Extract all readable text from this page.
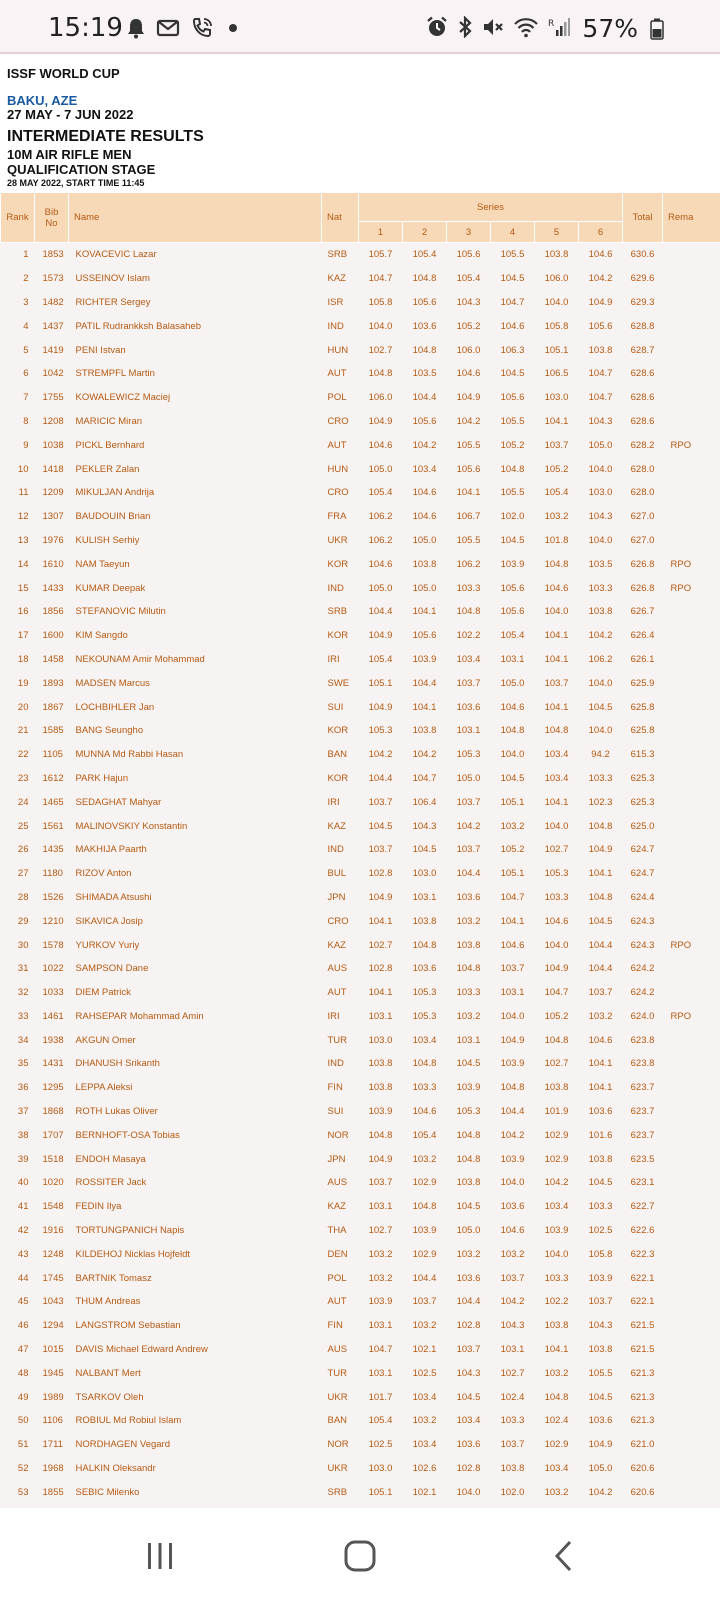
15:19	R 57%
ISSF WORLD CUP
BAKU, AZE
27 MAY - 7 JUN 2022
INTERMEDIATE RESULTS
10M AIR RIFLE MEN
QUALIFICATION STAGE
28 MAY 2022, START TIME 11:45
Rank	Bib No	Name	Nat	Series						Total	Rema
				1	2	3	4	5	6		
1	1853	KOVACEVIC Lazar	SRB	105.7	105.4	105.6	105.5	103.8	104.6	630.6	
2	1573	USSEINOV Islam	KAZ	104.7	104.8	105.4	104.5	106.0	104.2	629.6	
3	1482	RICHTER Sergey	ISR	105.8	105.6	104.3	104.7	104.0	104.9	629.3	
4	1437	PATIL Rudrankksh Balasaheb	IND	104.0	103.6	105.2	104.6	105.8	105.6	628.8	
5	1419	PENI Istvan	HUN	102.7	104.8	106.0	106.3	105.1	103.8	628.7	
6	1042	STREMPFL Martin	AUT	104.8	103.5	104.6	104.5	106.5	104.7	628.6	
7	1755	KOWALEWICZ Maciej	POL	106.0	104.4	104.9	105.6	103.0	104.7	628.6	
8	1208	MARICIC Miran	CRO	104.9	105.6	104.2	105.5	104.1	104.3	628.6	
9	1038	PICKL Bernhard	AUT	104.6	104.2	105.5	105.2	103.7	105.0	628.2	RPO
10	1418	PEKLER Zalan	HUN	105.0	103.4	105.6	104.8	105.2	104.0	628.0	
11	1209	MIKULJAN Andrija	CRO	105.4	104.6	104.1	105.5	105.4	103.0	628.0	
12	1307	BAUDOUIN Brian	FRA	106.2	104.6	106.7	102.0	103.2	104.3	627.0	
13	1976	KULISH Serhiy	UKR	106.2	105.0	105.5	104.5	101.8	104.0	627.0	
14	1610	NAM Taeyun	KOR	104.6	103.8	106.2	103.9	104.8	103.5	626.8	RPO
15	1433	KUMAR Deepak	IND	105.0	105.0	103.3	105.6	104.6	103.3	626.8	RPO
16	1856	STEFANOVIC Milutin	SRB	104.4	104.1	104.8	105.6	104.0	103.8	626.7	
17	1600	KIM Sangdo	KOR	104.9	105.6	102.2	105.4	104.1	104.2	626.4	
18	1458	NEKOUNAM Amir Mohammad	IRI	105.4	103.9	103.4	103.1	104.1	106.2	626.1	
19	1893	MADSEN Marcus	SWE	105.1	104.4	103.7	105.0	103.7	104.0	625.9	
20	1867	LOCHBIHLER Jan	SUI	104.9	104.1	103.6	104.6	104.1	104.5	625.8	
21	1585	BANG Seungho	KOR	105.3	103.8	103.1	104.8	104.8	104.0	625.8	
22	1105	MUNNA Md Rabbi Hasan	BAN	104.2	104.2	105.3	104.0	103.4	94.2	615.3	
23	1612	PARK Hajun	KOR	104.4	104.7	105.0	104.5	103.4	103.3	625.3	
24	1465	SEDAGHAT Mahyar	IRI	103.7	106.4	103.7	105.1	104.1	102.3	625.3	
25	1561	MALINOVSKIY Konstantin	KAZ	104.5	104.3	104.2	103.2	104.0	104.8	625.0	
26	1435	MAKHIJA Paarth	IND	103.7	104.5	103.7	105.2	102.7	104.9	624.7	
27	1180	RIZOV Anton	BUL	102.8	103.0	104.4	105.1	105.3	104.1	624.7	
28	1526	SHIMADA Atsushi	JPN	104.9	103.1	103.6	104.7	103.3	104.8	624.4	
29	1210	SIKAVICA Josip	CRO	104.1	103.8	103.2	104.1	104.6	104.5	624.3	
30	1578	YURKOV Yuriy	KAZ	102.7	104.8	103.8	104.6	104.0	104.4	624.3	RPO
31	1022	SAMPSON Dane	AUS	102.8	103.6	104.8	103.7	104.9	104.4	624.2	
32	1033	DIEM Patrick	AUT	104.1	105.3	103.3	103.1	104.7	103.7	624.2	
33	1461	RAHSEPAR Mohammad Amin	IRI	103.1	105.3	103.2	104.0	105.2	103.2	624.0	RPO
34	1938	AKGUN Omer	TUR	103.0	103.4	103.1	104.9	104.8	104.6	623.8	
35	1431	DHANUSH Srikanth	IND	103.8	104.8	104.5	103.9	102.7	104.1	623.8	
36	1295	LEPPA Aleksi	FIN	103.8	103.3	103.9	104.8	103.8	104.1	623.7	
37	1868	ROTH Lukas Oliver	SUI	103.9	104.6	105.3	104.4	101.9	103.6	623.7	
38	1707	BERNHOFT-OSA Tobias	NOR	104.8	105.4	104.8	104.2	102.9	101.6	623.7	
39	1518	ENDOH Masaya	JPN	104.9	103.2	104.8	103.9	102.9	103.8	623.5	
40	1020	ROSSITER Jack	AUS	103.7	102.9	103.8	104.0	104.2	104.5	623.1	
41	1548	FEDIN Ilya	KAZ	103.1	104.8	104.5	103.6	103.4	103.3	622.7	
42	1916	TORTUNGPANICH Napis	THA	102.7	103.9	105.0	104.6	103.9	102.5	622.6	
43	1248	KILDEHOJ Nicklas Hojfeldt	DEN	103.2	102.9	103.2	103.2	104.0	105.8	622.3	
44	1745	BARTNIK Tomasz	POL	103.2	104.4	103.6	103.7	103.3	103.9	622.1	
45	1043	THUM Andreas	AUT	103.9	103.7	104.4	104.2	102.2	103.7	622.1	
46	1294	LANGSTROM Sebastian	FIN	103.1	103.2	102.8	104.3	103.8	104.3	621.5	
47	1015	DAVIS Michael Edward Andrew	AUS	104.7	102.1	103.7	103.1	104.1	103.8	621.5	
48	1945	NALBANT Mert	TUR	103.1	102.5	104.3	102.7	103.2	105.5	621.3	
49	1989	TSARKOV Oleh	UKR	101.7	103.4	104.5	102.4	104.8	104.5	621.3	
50	1106	ROBIUL Md Robiul Islam	BAN	105.4	103.2	103.4	103.3	102.4	103.6	621.3	
51	1711	NORDHAGEN Vegard	NOR	102.5	103.4	103.6	103.7	102.9	104.9	621.0	
52	1968	HALKIN Oleksandr	UKR	103.0	102.6	102.8	103.8	103.4	105.0	620.6	
53	1855	SEBIC Milenko	SRB	105.1	102.1	104.0	102.0	103.2	104.2	620.6	
